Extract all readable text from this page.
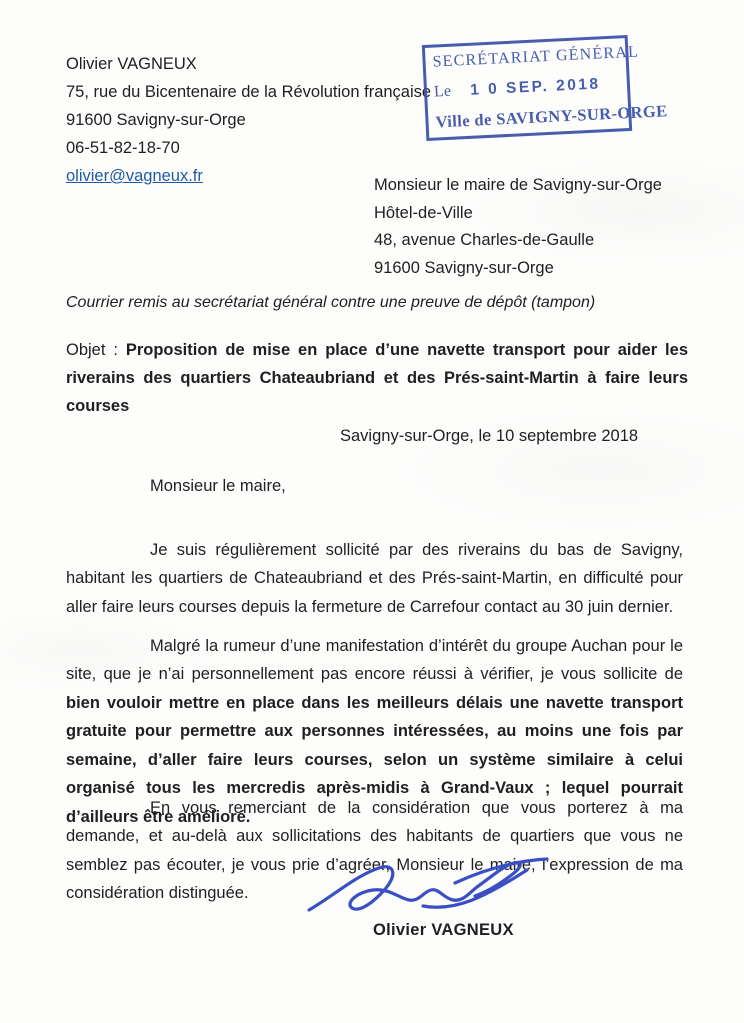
Olivier VAGNEUX
75, rue du Bicentenaire de la Révolution française
91600 Savigny-sur-Orge
06-51-82-18-70
olivier@vagneux.fr
SECRÉTARIAT GÉNÉRAL
Le	1 0 SEP. 2018
Ville de SAVIGNY-SUR-ORGE
Monsieur le maire de Savigny-sur-Orge
Hôtel-de-Ville
48, avenue Charles-de-Gaulle
91600 Savigny-sur-Orge
Courrier remis au secrétariat général contre une preuve de dépôt (tampon)
Objet : Proposition de mise en place d’une navette transport pour aider les riverains des quartiers Chateaubriand et des Prés-saint-Martin à faire leurs courses
Savigny-sur-Orge, le 10 septembre 2018
Monsieur le maire,

Je suis régulièrement sollicité par des riverains du bas de Savigny, habitant les quartiers de Chateaubriand et des Prés-saint-Martin, en difficulté pour aller faire leurs courses depuis la fermeture de Carrefour contact au 30 juin dernier.

Malgré la rumeur d’une manifestation d’intérêt du groupe Auchan pour le site, que je n’ai personnellement pas encore réussi à vérifier, je vous sollicite de bien vouloir mettre en place dans les meilleurs délais une navette transport gratuite pour permettre aux personnes intéressées, au moins une fois par semaine, d’aller faire leurs courses, selon un système similaire à celui organisé tous les mercredis après-midis à Grand-Vaux ; lequel pourrait d’ailleurs être amélioré.

En vous remerciant de la considération que vous porterez à ma demande, et au-delà aux sollicitations des habitants de quartiers que vous ne semblez pas écouter, je vous prie d’agréer, Monsieur le maire, l’expression de ma considération distinguée.

Olivier VAGNEUX
